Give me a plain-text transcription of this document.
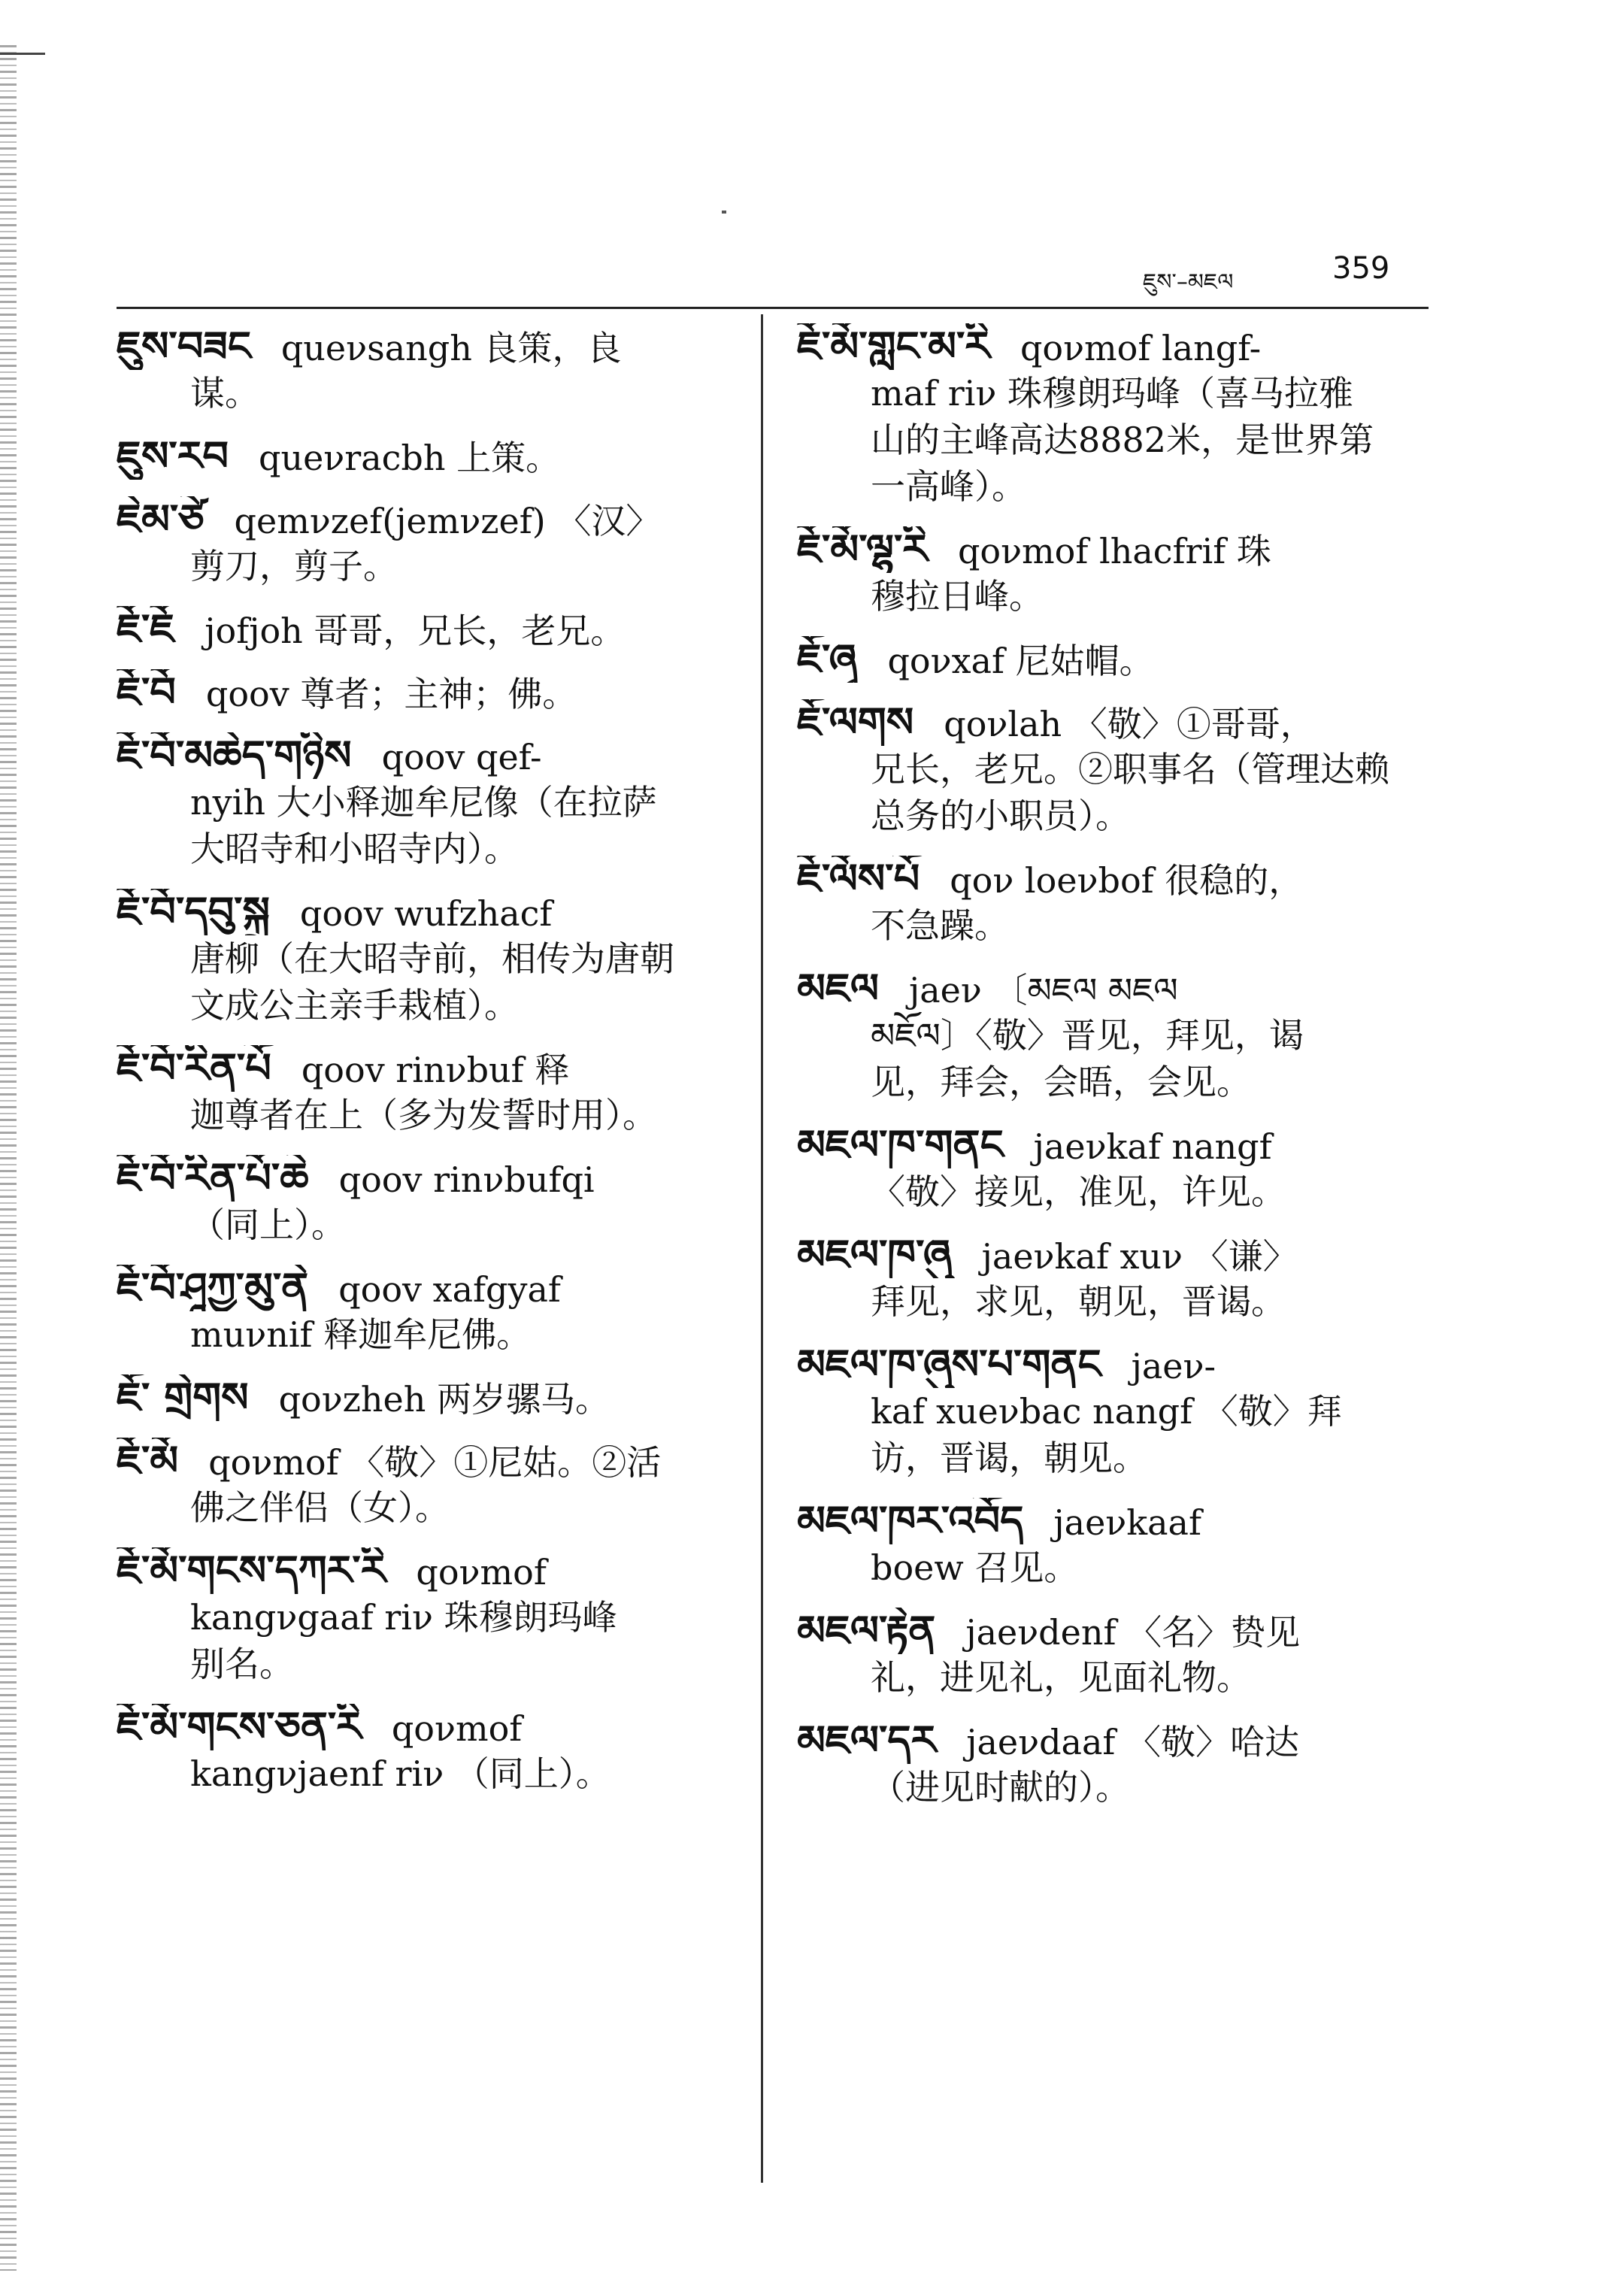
ཇུས་–མཇལ	359
ཇུས་བཟང queνsangh 良策，良
谋。
ཇུས་རབ queνracbh 上策。
ཇེམ་ཙེ qemνzef(jemνzef) 〈汉〉
剪刀，剪子。
ཇོ་ཇོ jofjoh 哥哥，兄长，老兄。
ཇོ་བོ qoov 尊者；主神；佛。
ཇོ་བོ་མཆེད་གཉིས qoov qef-
nyih 大小释迦牟尼像（在拉萨
大昭寺和小昭寺内）。
ཇོ་བོ་དབུ་སྐྲ qoov wufzhacf
唐柳（在大昭寺前，相传为唐朝
文成公主亲手栽植）。
ཇོ་བོ་རིན་པོ qoov rinνbuf 释
迦尊者在上（多为发誓时用）。
ཇོ་བོ་རིན་པོ་ཆེ qoov rinνbufqi
（同上）。
ཇོ་བོ་ཤཱཀྱ་མུ་ནེ qoov xafgyaf
muνnif 释迦牟尼佛。
ཇོ་ གྲེགས qoνzheh 两岁骡马。
ཇོ་མོ qoνmof 〈敬〉①尼姑。②活
佛之伴侣（女）。
ཇོ་མོ་གངས་དཀར་རི qoνmof
kangνgaaf riν 珠穆朗玛峰
别名。
ཇོ་མོ་གངས་ཅན་རི qoνmof
kangνjaenf riν （同上）。
ཇོ་མོ་གླང་མ་རི qoνmof langf-
maf riν 珠穆朗玛峰（喜马拉雅
山的主峰高达8882米，是世界第
一高峰）。
ཇོ་མོ་ལྷ་རི qoνmof lhacfrif 珠
穆拉日峰。
ཇོ་ཞྭ qoνxaf 尼姑帽。
ཇོ་ལགས qoνlah 〈敬〉①哥哥，
兄长，老兄。②职事名（管理达赖
总务的小职员）。
ཇོ་ལོས་པོ qoν loeνbof 很稳的，
不急躁。
མཇལ jaeν 〔མཇལ མཇལ
མཇོལ〕〈敬〉晋见，拜见，谒
见，拜会，会晤，会见。
མཇལ་ཁ་གནང jaeνkaf nangf
〈敬〉接见，准见，许见。
མཇལ་ཁ་ཞུ jaeνkaf xuν 〈谦〉
拜见，求见，朝见，晋谒。
མཇལ་ཁ་ཞུས་པ་གནང jaeν-
kaf xueνbac nangf 〈敬〉拜
访，晋谒，朝见。
མཇལ་ཁར་འབོད jaeνkaaf
boew 召见。
མཇལ་རྟེན jaeνdenf 〈名〉贽见
礼，进见礼，见面礼物。
མཇལ་དར jaeνdaaf 〈敬〉哈达
（进见时献的）。
